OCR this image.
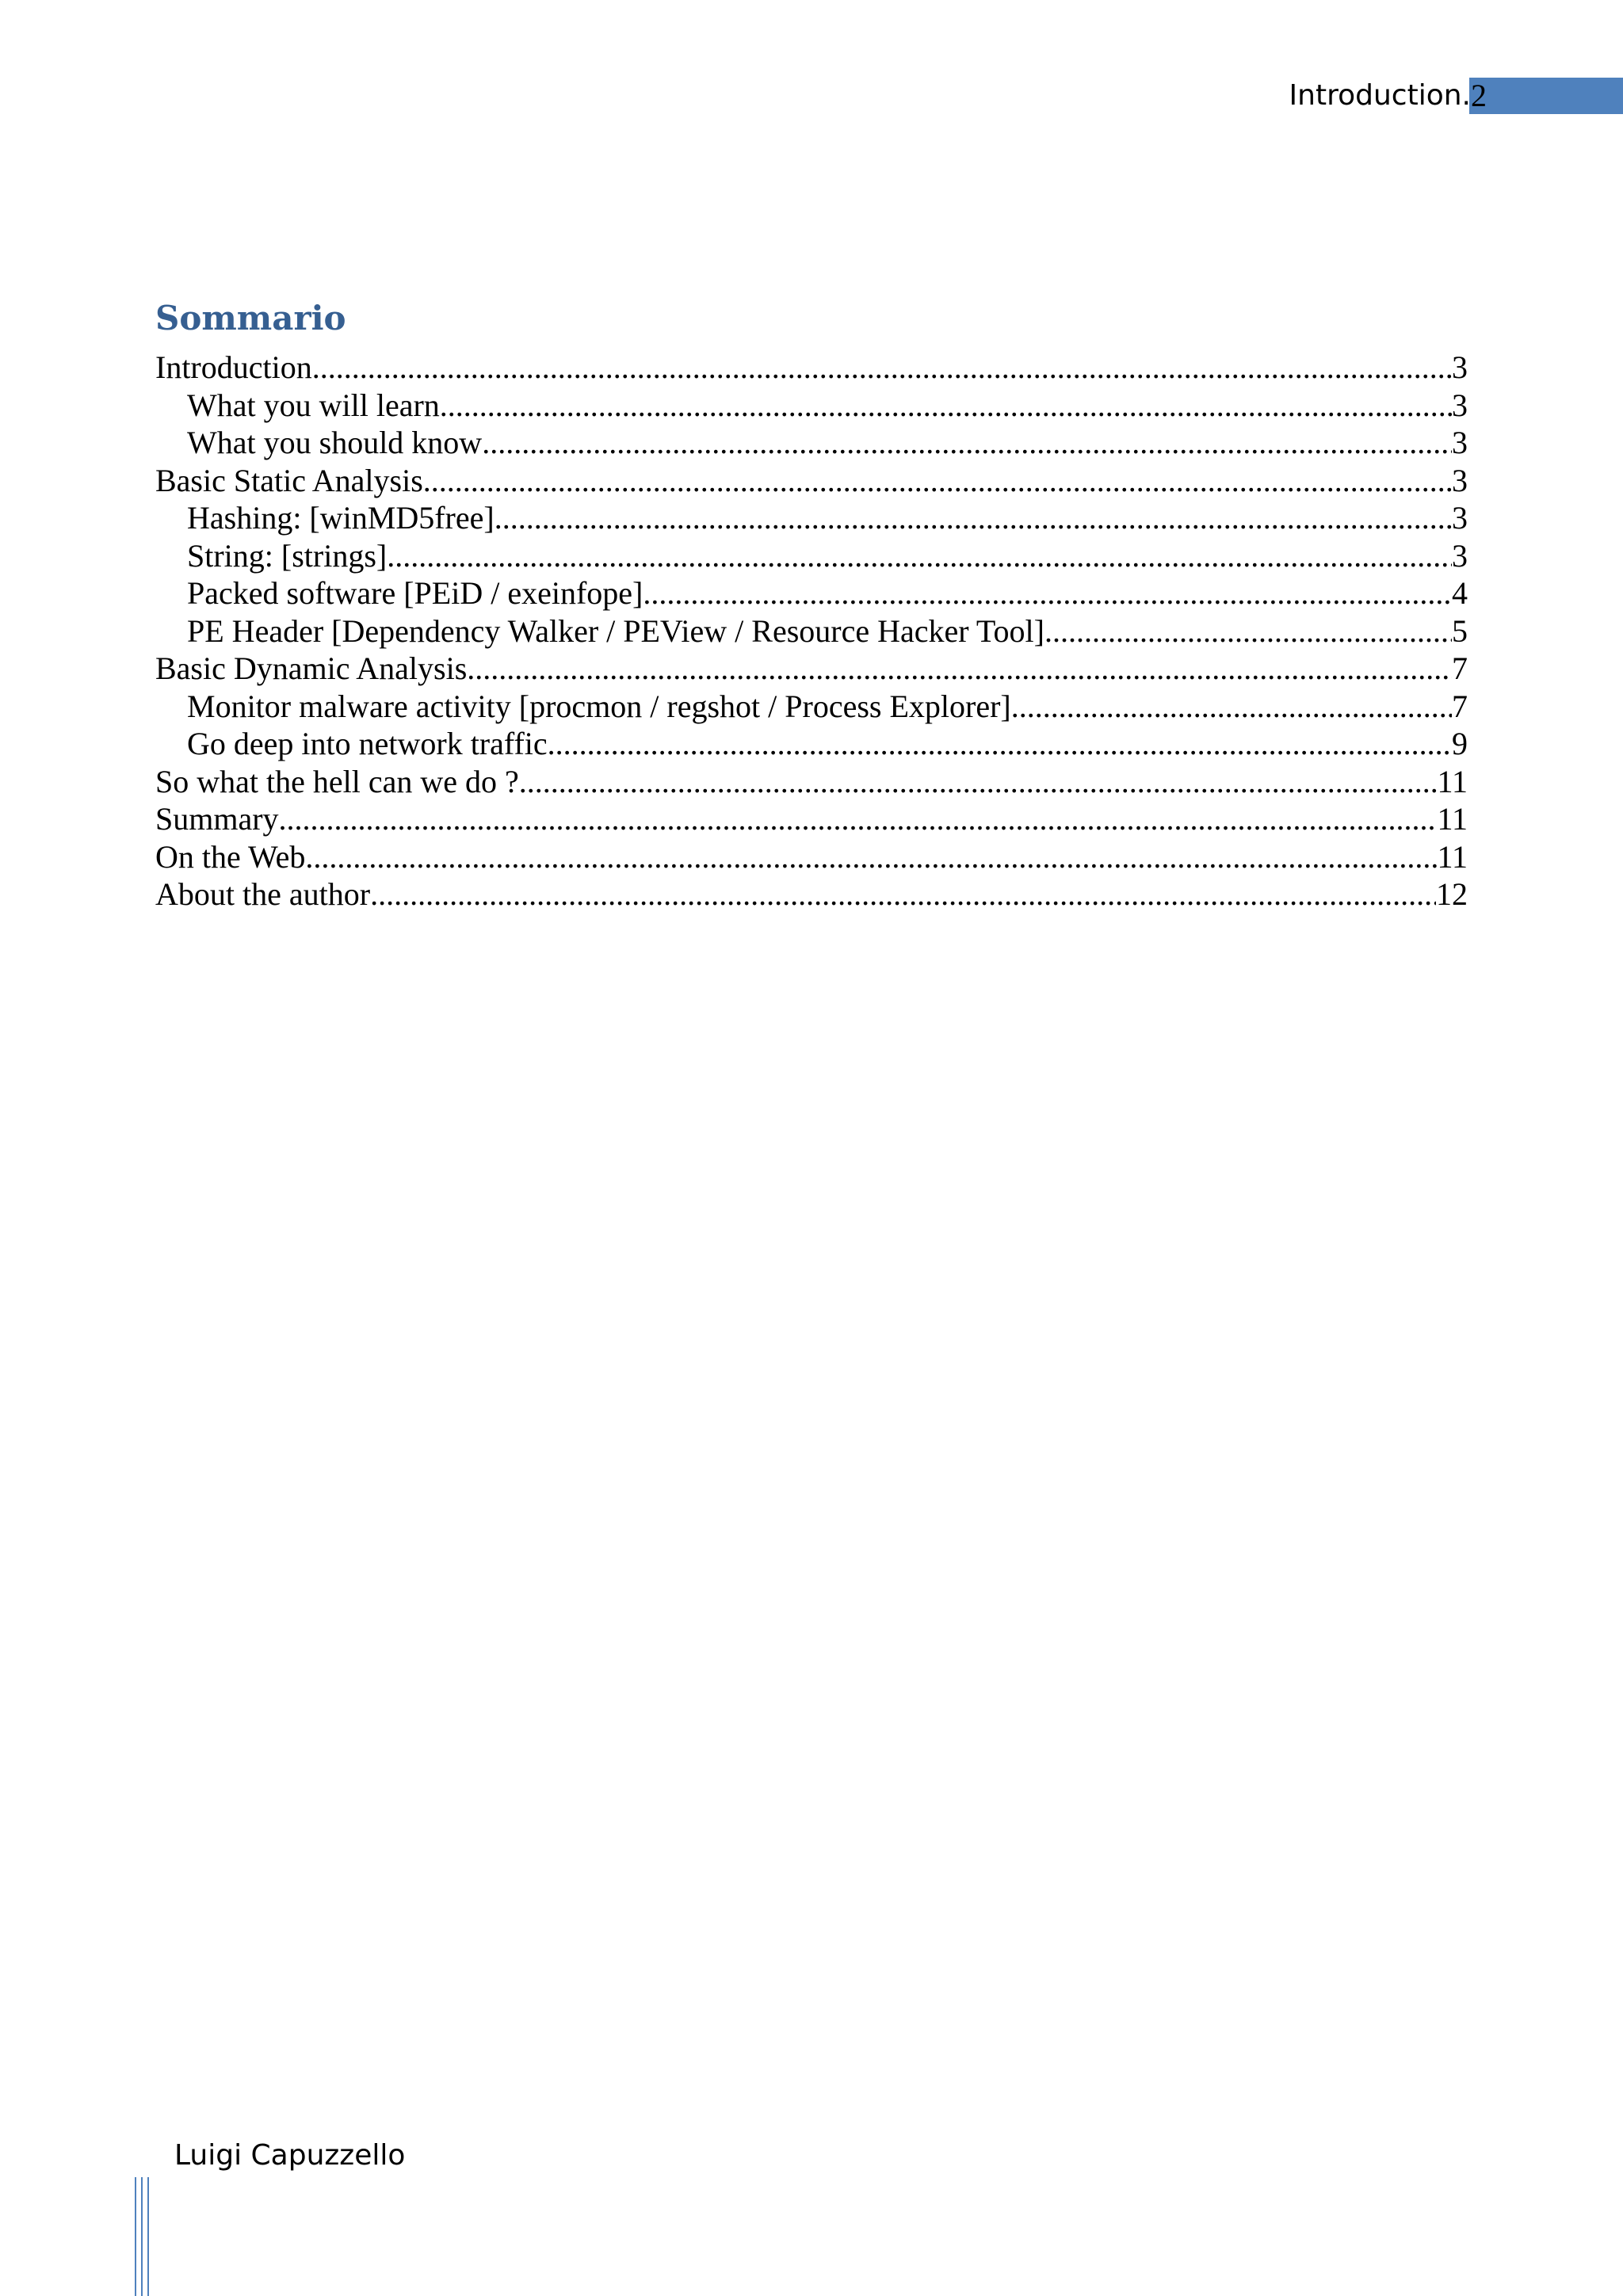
Introduction. 2
Sommario
Introduction .....	3
What you will learn .....	3
What you should know .....	3
Basic Static Analysis .....	3
Hashing: [winMD5free] .....	3
String: [strings] .....	3
Packed software [PEiD / exeinfope] .....	4
PE Header [Dependency Walker / PEView / Resource Hacker Tool] .....	5
Basic Dynamic Analysis .....	7
Monitor malware activity [procmon / regshot / Process Explorer] .....	7
Go deep into network traffic .....	9
So what the hell can we do ? .....	11
Summary .....	11
On the Web .....	11
About the author .....	12
Luigi Capuzzello
